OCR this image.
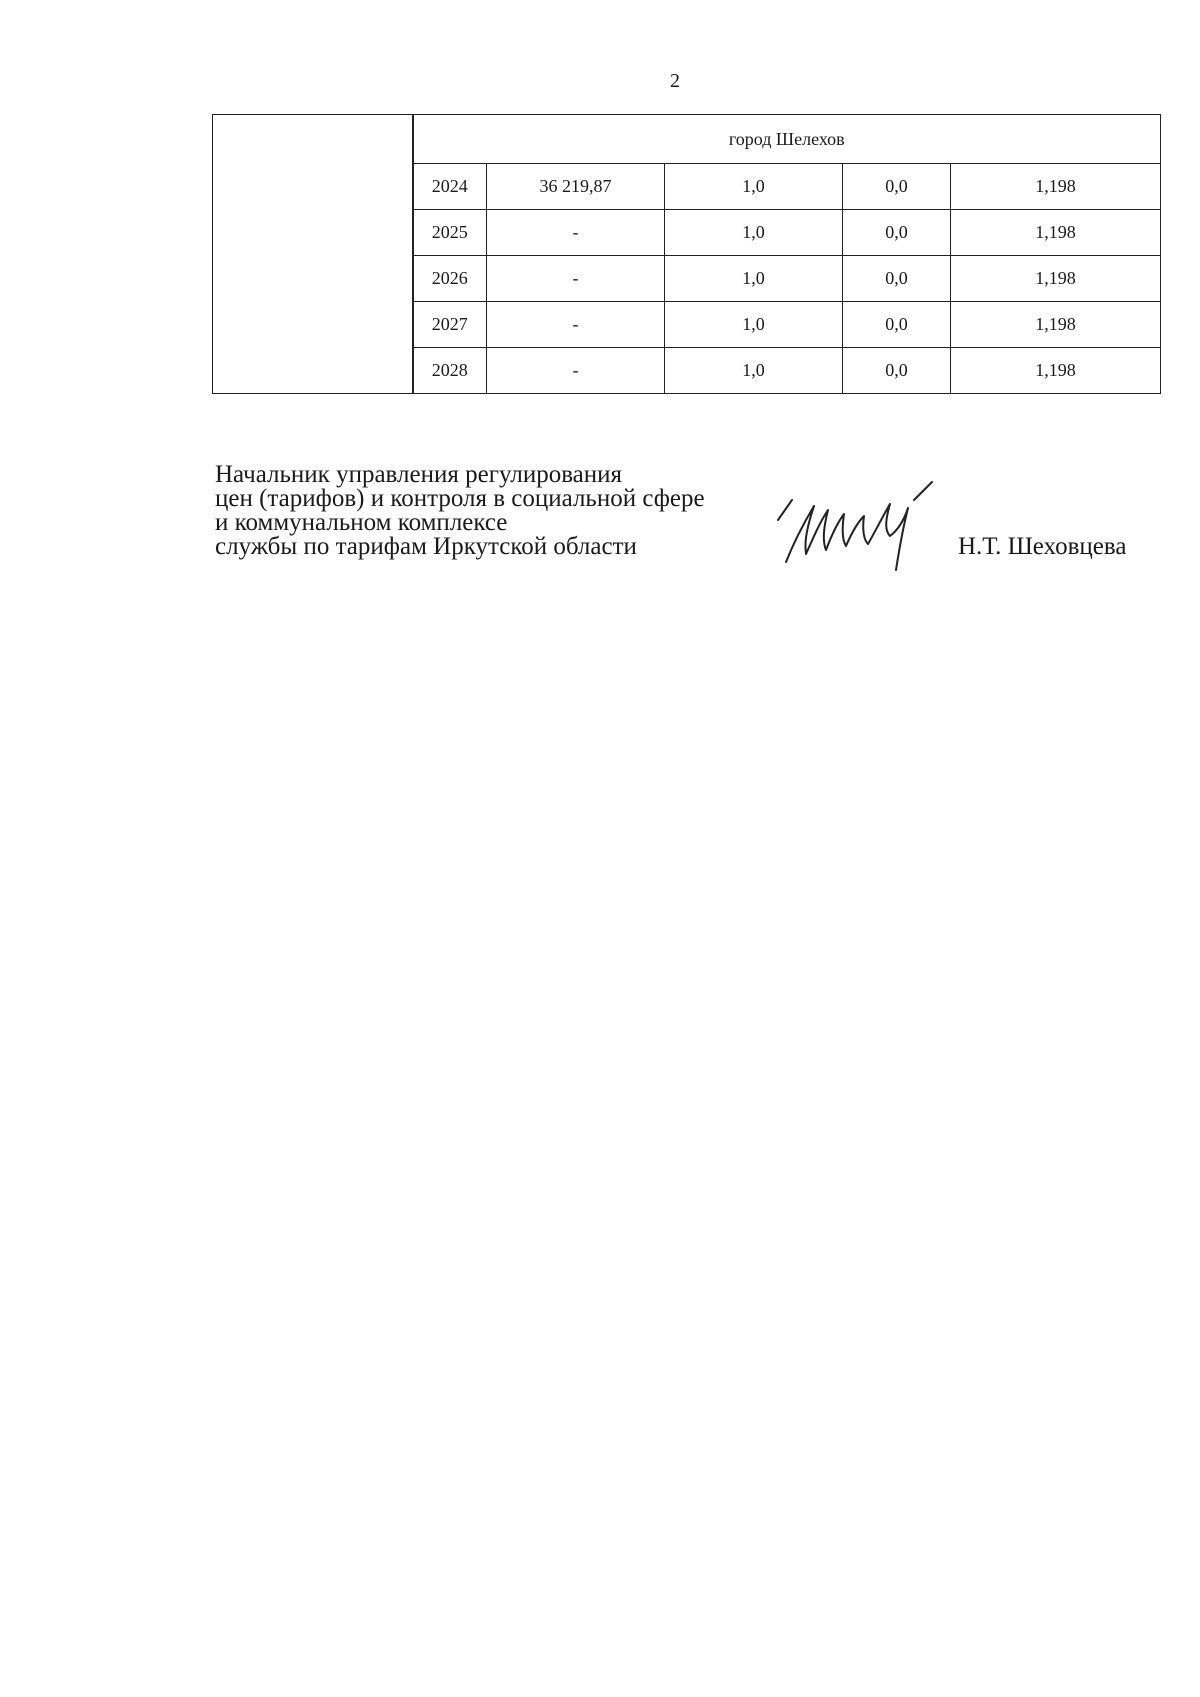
2
	город Шелехов				
	2024	36 219,87	1,0	0,0	1,198
	2025	-	1,0	0,0	1,198
	2026	-	1,0	0,0	1,198
	2027	-	1,0	0,0	1,198
	2028	-	1,0	0,0	1,198
Начальник управления регулирования
цен (тарифов) и контроля в социальной сфере
и коммунальном комплексе
службы по тарифам Иркутской области	Н.Т. Шеховцева
